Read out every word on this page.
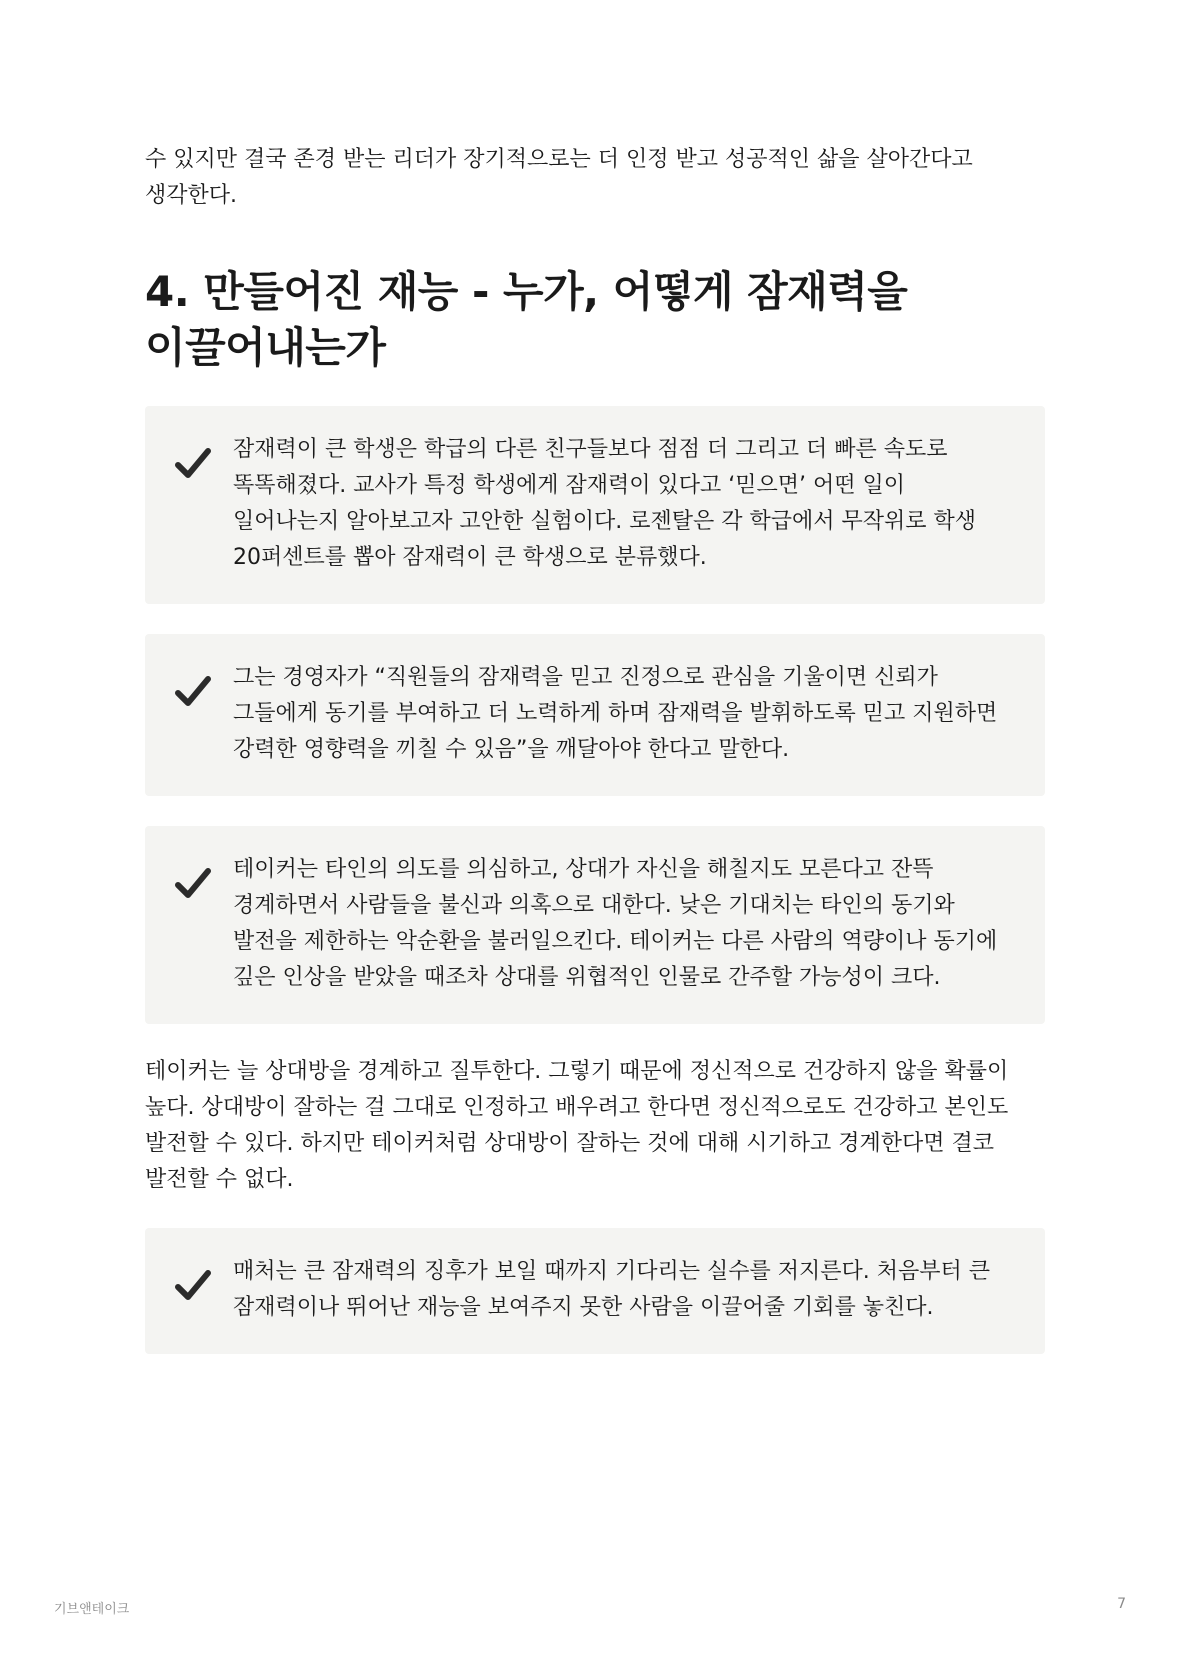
수 있지만 결국 존경 받는 리더가 장기적으로는 더 인정 받고 성공적인 삶을 살아간다고 생각한다.

4. 만들어진 재능 - 누가, 어떻게 잠재력을 이끌어내는가

잠재력이 큰 학생은 학급의 다른 친구들보다 점점 더 그리고 더 빠른 속도로 똑똑해졌다. 교사가 특정 학생에게 잠재력이 있다고 ‘믿으면’ 어떤 일이 일어나는지 알아보고자 고안한 실험이다. 로젠탈은 각 학급에서 무작위로 학생 20퍼센트를 뽑아 잠재력이 큰 학생으로 분류했다.

그는 경영자가 “직원들의 잠재력을 믿고 진정으로 관심을 기울이면 신뢰가 그들에게 동기를 부여하고 더 노력하게 하며 잠재력을 발휘하도록 믿고 지원하면 강력한 영향력을 끼칠 수 있음”을 깨달아야 한다고 말한다.

테이커는 타인의 의도를 의심하고, 상대가 자신을 해칠지도 모른다고 잔뜩 경계하면서 사람들을 불신과 의혹으로 대한다. 낮은 기대치는 타인의 동기와 발전을 제한하는 악순환을 불러일으킨다. 테이커는 다른 사람의 역량이나 동기에 깊은 인상을 받았을 때조차 상대를 위협적인 인물로 간주할 가능성이 크다.

테이커는 늘 상대방을 경계하고 질투한다. 그렇기 때문에 정신적으로 건강하지 않을 확률이 높다. 상대방이 잘하는 걸 그대로 인정하고 배우려고 한다면 정신적으로도 건강하고 본인도 발전할 수 있다. 하지만 테이커처럼 상대방이 잘하는 것에 대해 시기하고 경계한다면 결코 발전할 수 없다.

매처는 큰 잠재력의 징후가 보일 때까지 기다리는 실수를 저지른다. 처음부터 큰 잠재력이나 뛰어난 재능을 보여주지 못한 사람을 이끌어줄 기회를 놓친다.

기브앤테이크	7
